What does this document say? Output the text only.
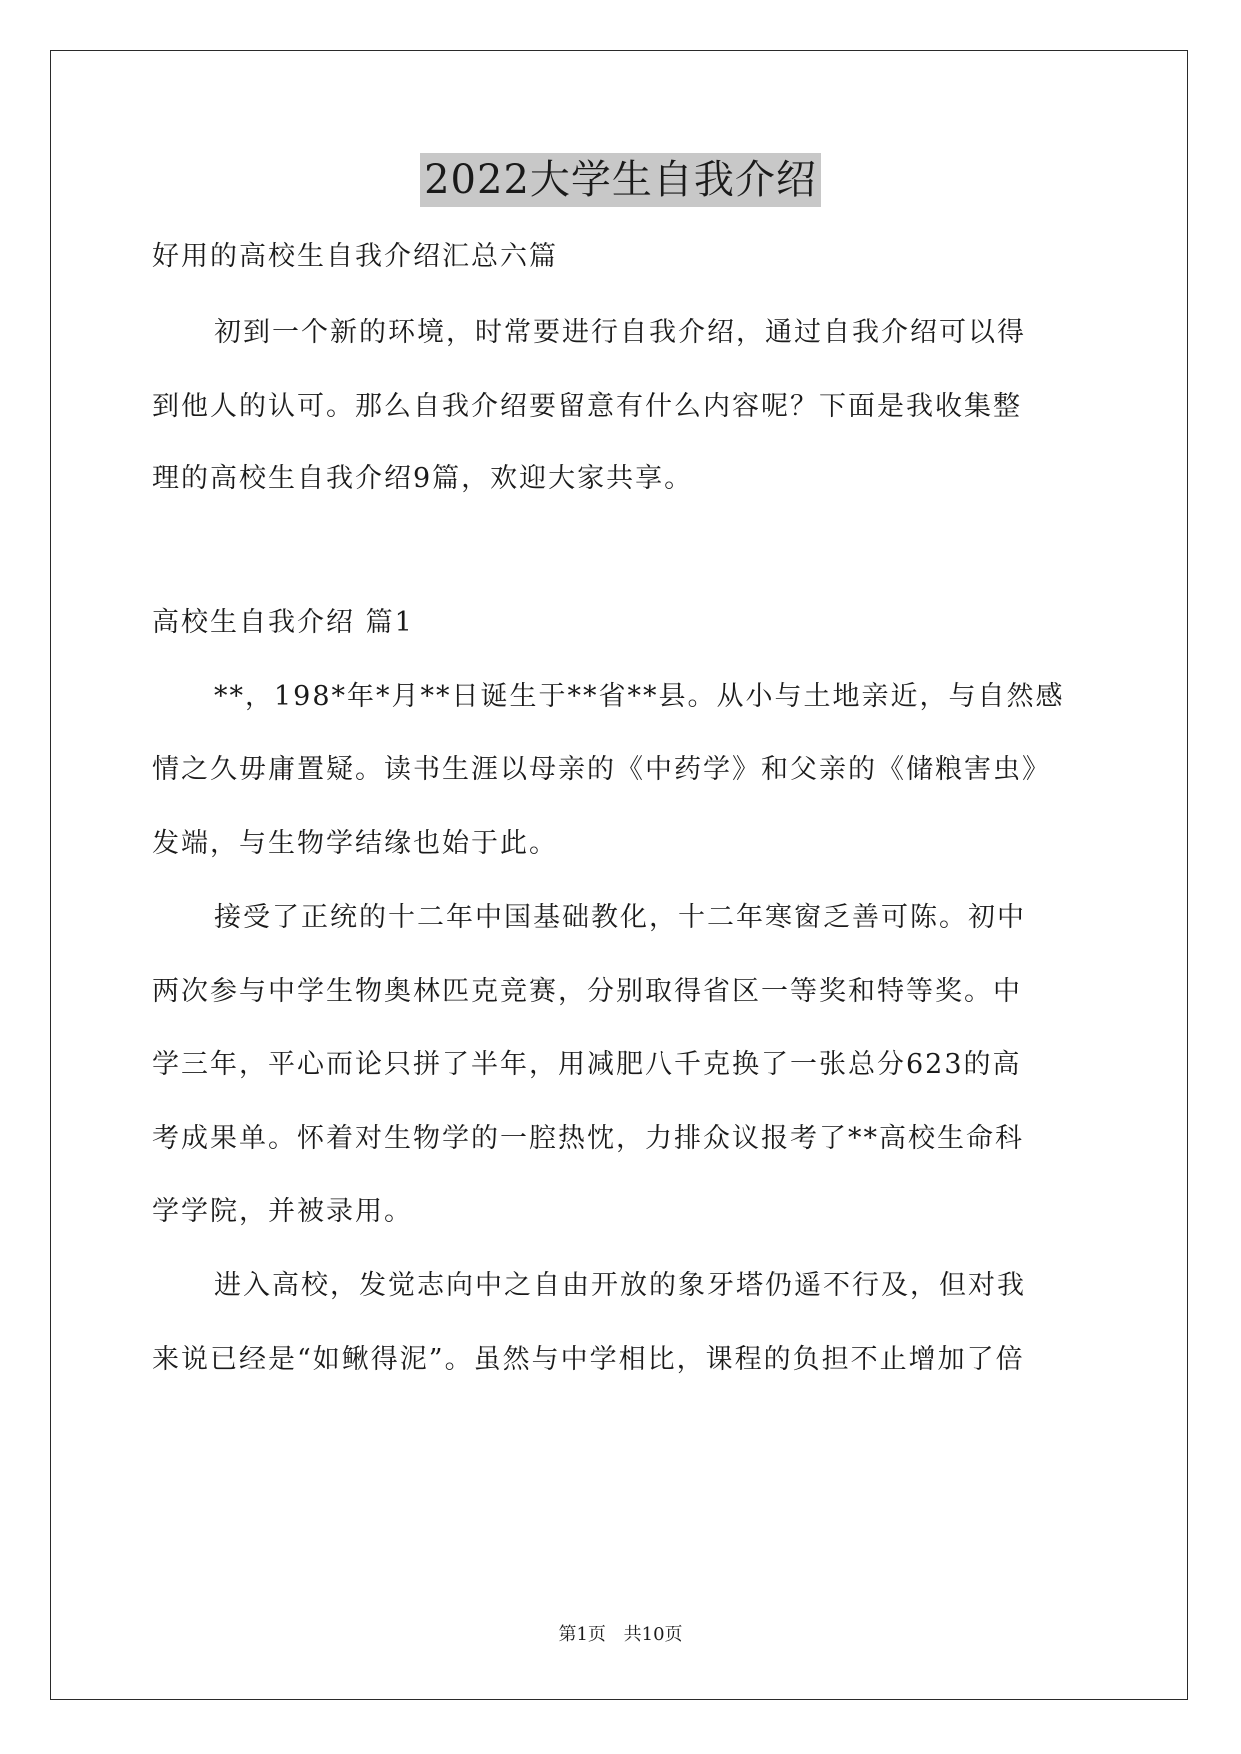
2022大学生自我介绍
好用的高校生自我介绍汇总六篇
初到一个新的环境，时常要进行自我介绍，通过自我介绍可以得
到他人的认可。那么自我介绍要留意有什么内容呢？下面是我收集整
理的高校生自我介绍9篇，欢迎大家共享。
高校生自我介绍 篇1
**，198*年*月**日诞生于**省**县。从小与土地亲近，与自然感
情之久毋庸置疑。读书生涯以母亲的《中药学》和父亲的《储粮害虫》
发端，与生物学结缘也始于此。
接受了正统的十二年中国基础教化，十二年寒窗乏善可陈。初中
两次参与中学生物奥林匹克竞赛，分别取得省区一等奖和特等奖。中
学三年，平心而论只拼了半年，用减肥八千克换了一张总分623的高
考成果单。怀着对生物学的一腔热忱，力排众议报考了**高校生命科
学学院，并被录用。
进入高校，发觉志向中之自由开放的象牙塔仍遥不行及，但对我
来说已经是“如鳅得泥”。虽然与中学相比，课程的负担不止增加了倍
第1页 共10页
